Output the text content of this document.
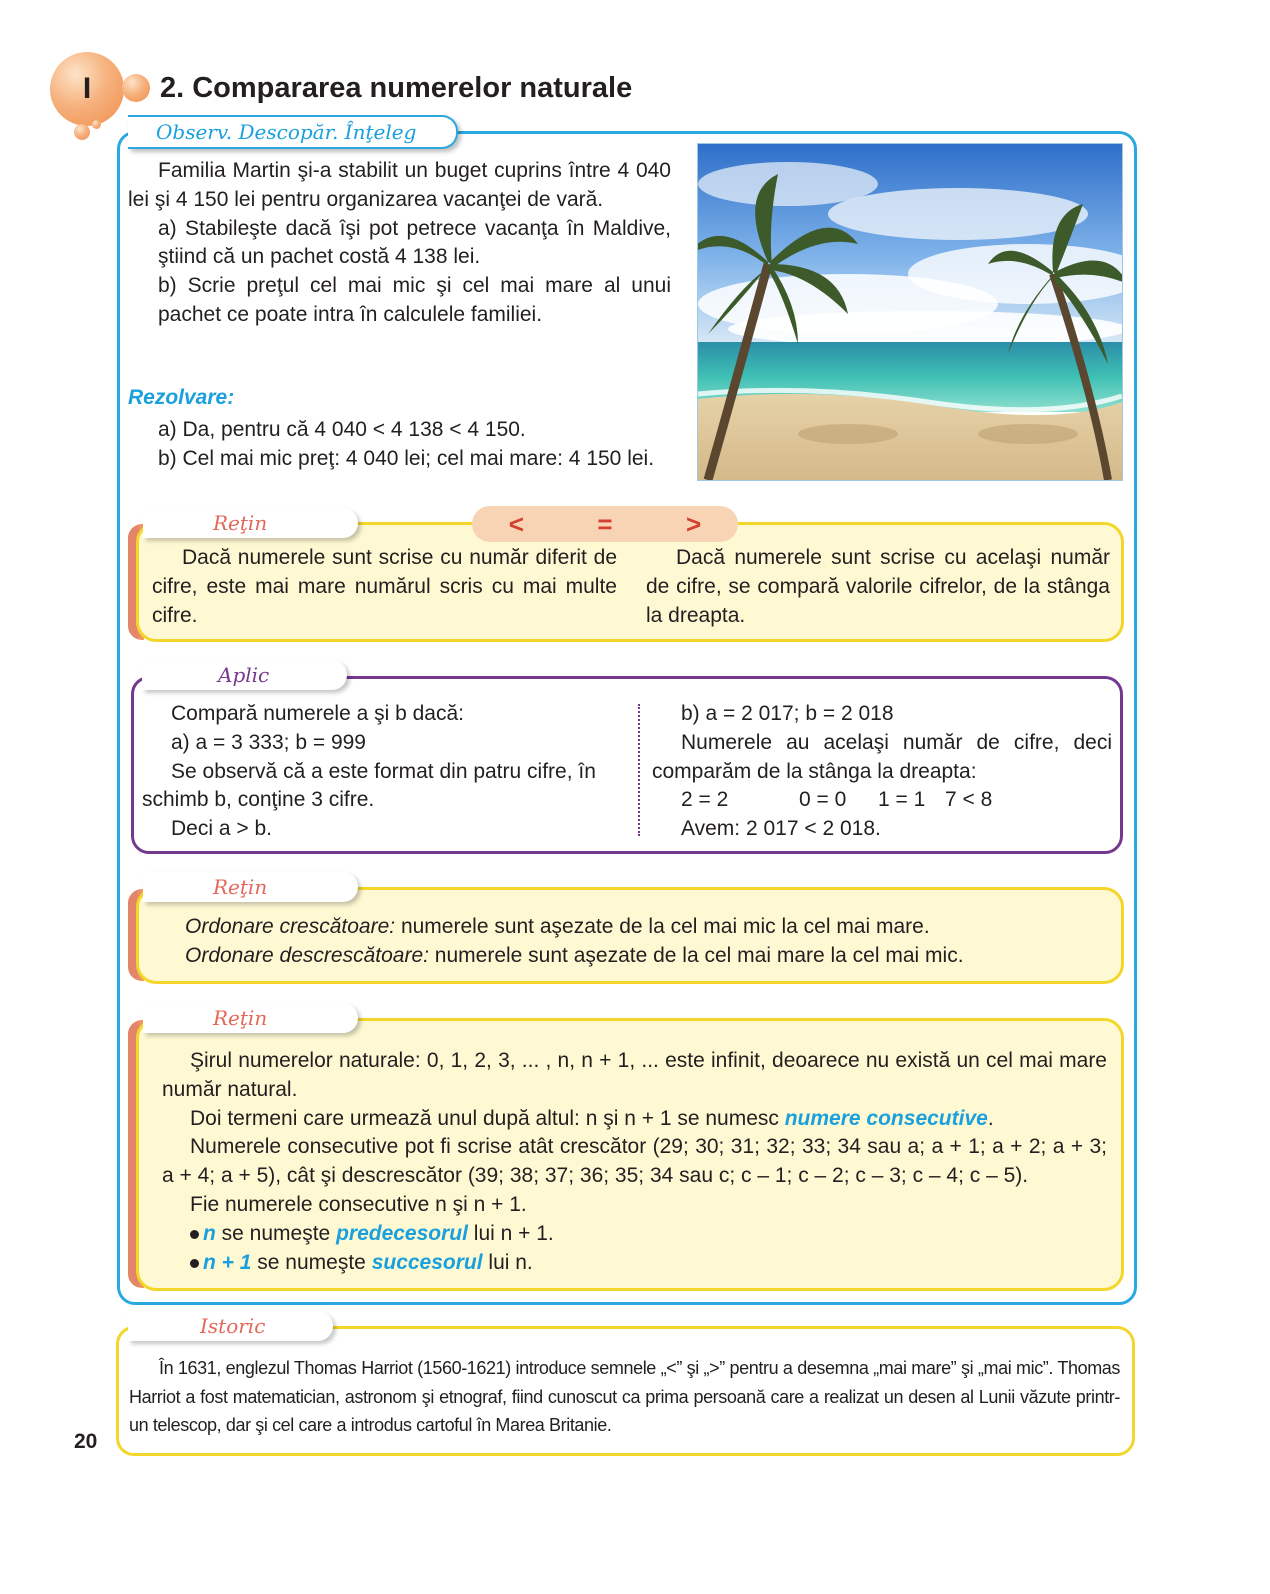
I 2. Compararea numerelor naturale
Observ. Descopăr. Înţeleg

Familia Martin şi-a stabilit un buget cuprins între 4 040 lei şi 4 150 lei pentru organizarea vacanţei de vară.

a) Stabileşte dacă îşi pot petrece vacanţa în Maldive, ştiind că un pachet costă 4 138 lei.

b) Scrie preţul cel mai mic şi cel mai mare al unui pachet ce poate intra în calculele familiei.

Rezolvare:

a) Da, pentru că 4 040 < 4 138 < 4 150.

b) Cel mai mic preţ: 4 040 lei; cel mai mare: 4 150 lei.

Reţin	<	=	>
Dacă numerele sunt scrise cu număr diferit de cifre, este mai mare numărul scris cu mai multe cifre.
Dacă numerele sunt scrise cu acelaşi număr de cifre, se compară valorile cifrelor, de la stânga la dreapta.
Aplic

Compară numerele a şi b dacă:

a) a = 3 333; b = 999

Se observă că a este format din patru cifre, în schimb b, conţine 3 cifre.

Deci a > b.

b) a = 2 017; b = 2 018

Numerele au acelaşi număr de cifre, deci comparăm de la stânga la dreapta:

2 = 2	0 = 0 1 = 1 7 < 8

Avem: 2 017 < 2 018.

Reţin

Ordonare crescătoare: numerele sunt aşezate de la cel mai mic la cel mai mare.

Ordonare descrescătoare: numerele sunt aşezate de la cel mai mare la cel mai mic.

Reţin

Şirul numerelor naturale: 0, 1, 2, 3, ... , n, n + 1, ... este infinit, deoarece nu există un cel mai mare număr natural.

Doi termeni care urmează unul după altul: n şi n + 1 se numesc numere consecutive.

Numerele consecutive pot fi scrise atât crescător (29; 30; 31; 32; 33; 34 sau a; a + 1; a + 2; a + 3; a + 4; a + 5), cât şi descrescător (39; 38; 37; 36; 35; 34 sau c; c – 1; c – 2; c – 3; c – 4; c – 5).

Fie numerele consecutive n şi n + 1.

n se numeşte predecesorul lui n + 1.

n + 1 se numeşte succesorul lui n.

Istoric
În 1631, englezul Thomas Harriot (1560-1621) introduce semnele „<” şi „>” pentru a desemna „mai mare” şi „mai mic”. Thomas Harriot a fost matematician, astronom şi etnograf, fiind cunoscut ca prima persoană care a realizat un desen al Lunii văzute printr-un telescop, dar şi cel care a introdus cartoful în Marea Britanie.
20
